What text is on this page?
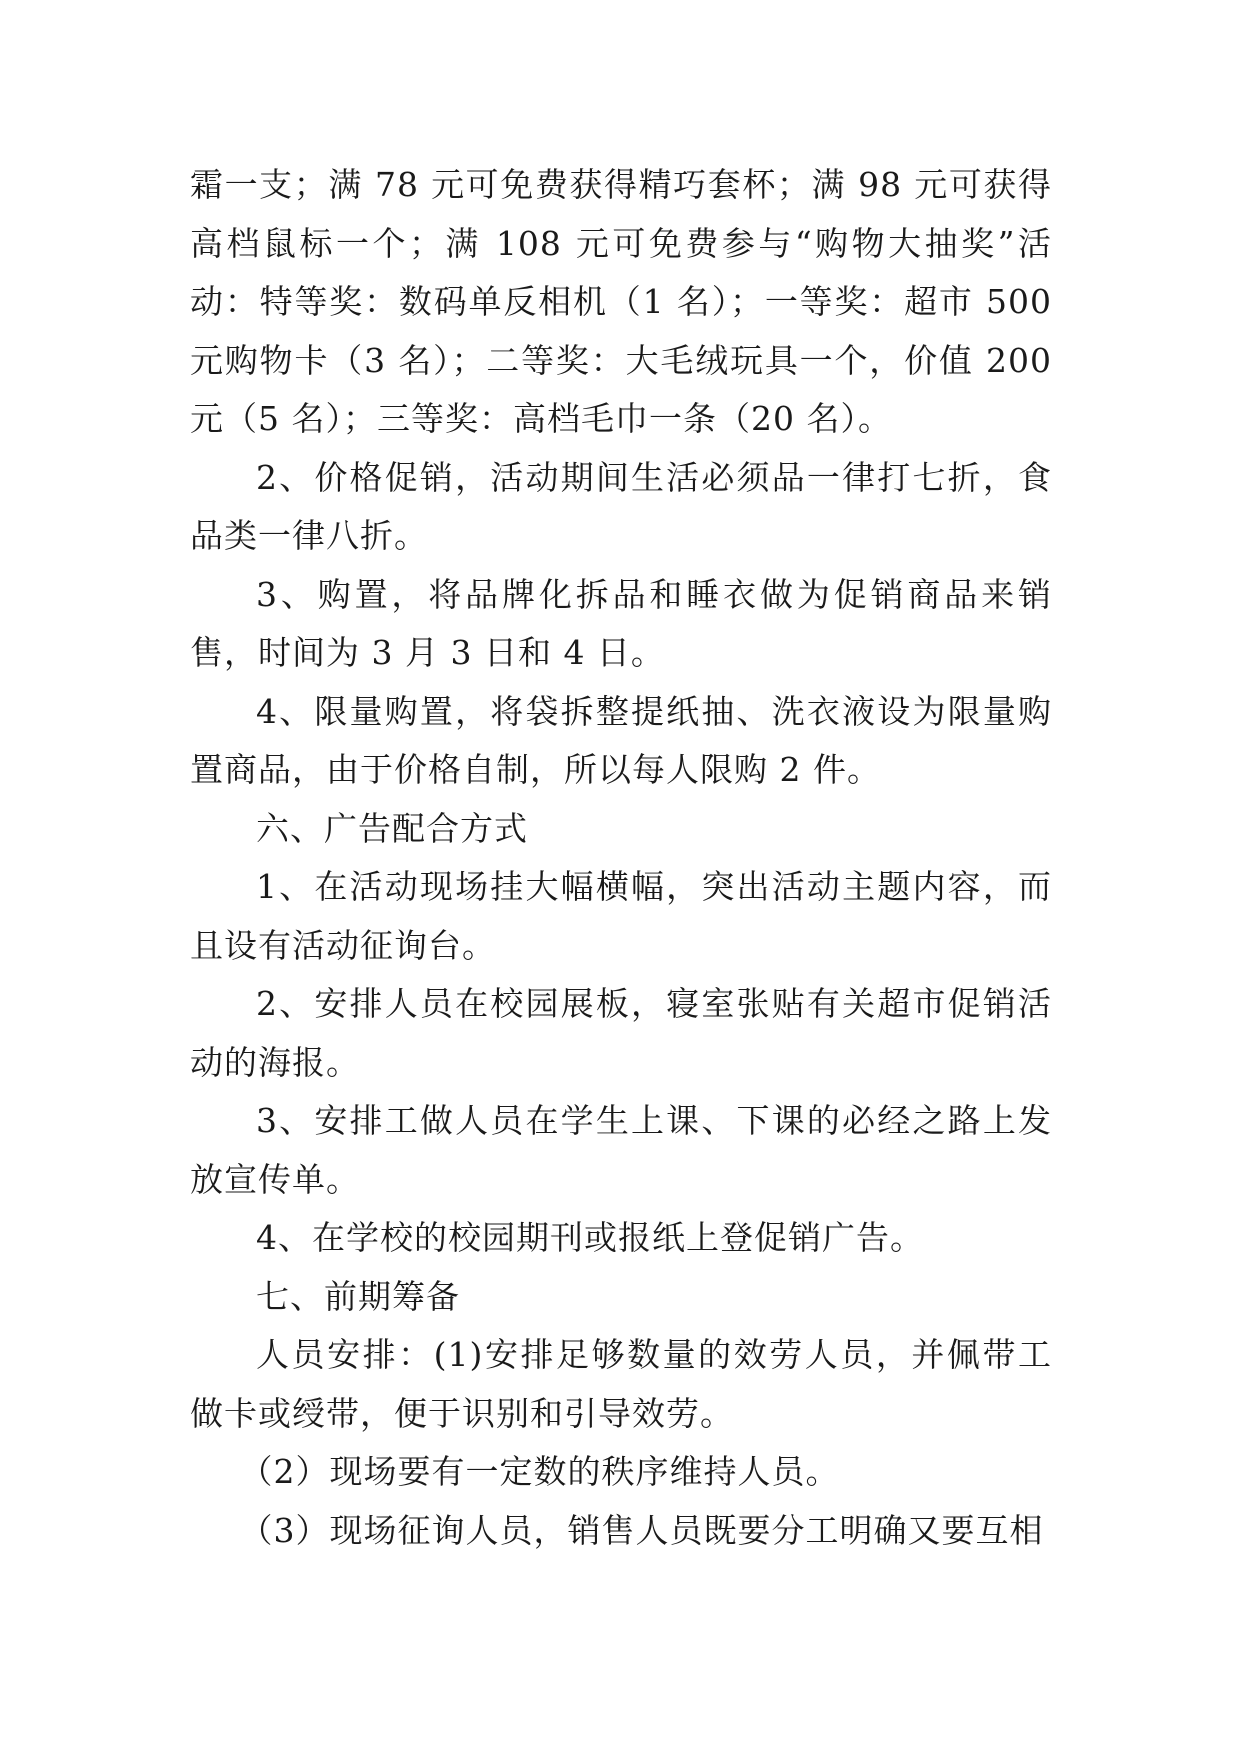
霜一支；满 78 元可免费获得精巧套杯；满 98 元可获得高档鼠标一个；满 108 元可免费参与“购物大抽奖”活动：特等奖：数码单反相机（1 名）；一等奖：超市 500 元购物卡（3 名）；二等奖：大毛绒玩具一个，价值 200 元（5 名）；三等奖：高档毛巾一条（20 名）。

2、价格促销，活动期间生活必须品一律打七折，食品类一律八折。

3、购置，将品牌化拆品和睡衣做为促销商品来销售，时间为 3 月 3 日和 4 日。

4、限量购置，将袋拆整提纸抽、洗衣液设为限量购置商品，由于价格自制，所以每人限购 2 件。

六、广告配合方式

1、在活动现场挂大幅横幅，突出活动主题内容，而且设有活动征询台。

2、安排人员在校园展板，寝室张贴有关超市促销活动的海报。

3、安排工做人员在学生上课、下课的必经之路上发放宣传单。

4、在学校的校园期刊或报纸上登促销广告。

七、前期筹备

人员安排：(1)安排足够数量的效劳人员，并佩带工做卡或绶带，便于识别和引导效劳。

（2）现场要有一定数的秩序维持人员。

（3）现场征询人员，销售人员既要分工明确又要互相
